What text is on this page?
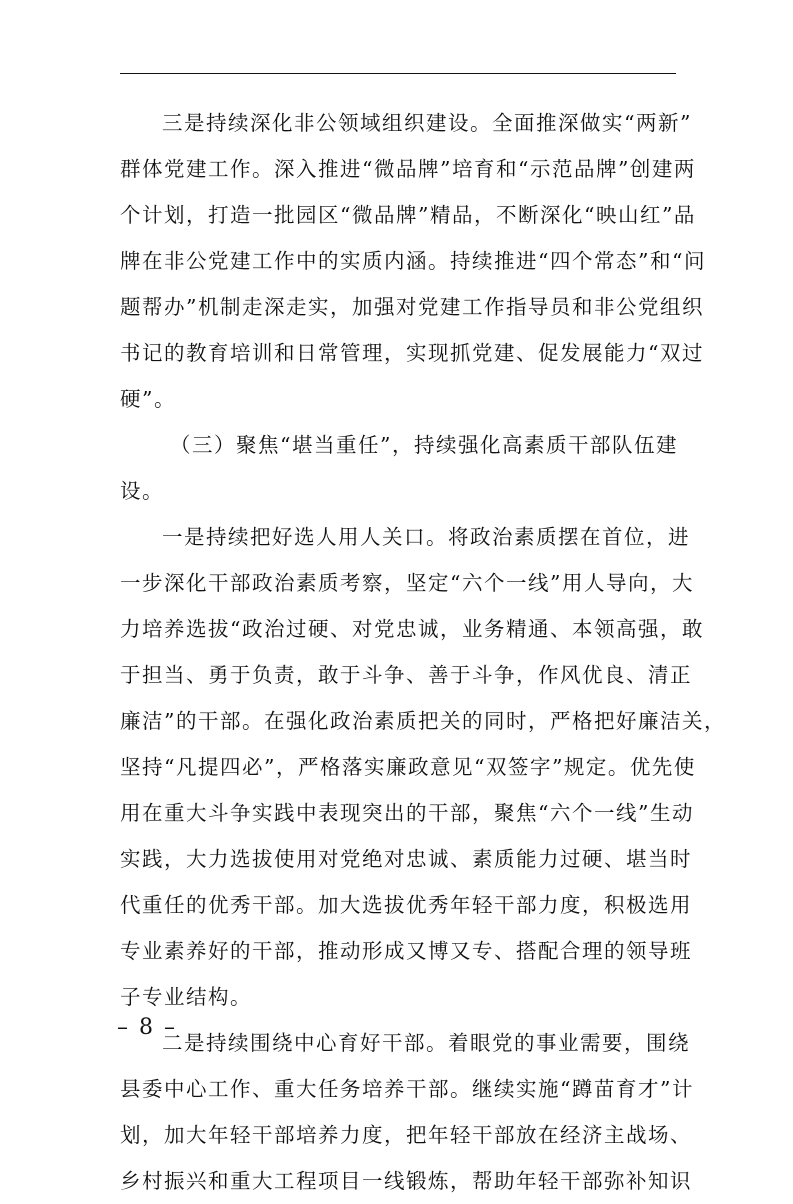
三是持续深化非公领域组织建设。全面推深做实“两新”
群体党建工作。深入推进“微品牌”培育和“示范品牌”创建两
个计划，打造一批园区“微品牌”精品，不断深化“映山红”品
牌在非公党建工作中的实质内涵。持续推进“四个常态”和“问
题帮办”机制走深走实，加强对党建工作指导员和非公党组织
书记的教育培训和日常管理，实现抓党建、促发展能力“双过
硬”。
（三）聚焦“堪当重任”，持续强化高素质干部队伍建
设。
一是持续把好选人用人关口。将政治素质摆在首位，进
一步深化干部政治素质考察，坚定“六个一线”用人导向，大
力培养选拔“政治过硬、对党忠诚，业务精通、本领高强，敢
于担当、勇于负责，敢于斗争、善于斗争，作风优良、清正
廉洁”的干部。在强化政治素质把关的同时，严格把好廉洁关，
坚持“凡提四必”，严格落实廉政意见“双签字”规定。优先使
用在重大斗争实践中表现突出的干部，聚焦“六个一线”生动
实践，大力选拔使用对党绝对忠诚、素质能力过硬、堪当时
代重任的优秀干部。加大选拔优秀年轻干部力度，积极选用
专业素养好的干部，推动形成又博又专、搭配合理的领导班
子专业结构。
二是持续围绕中心育好干部。着眼党的事业需要，围绕
县委中心工作、重大任务培养干部。继续实施“蹲苗育才”计
划，加大年轻干部培养力度，把年轻干部放在经济主战场、
乡村振兴和重大工程项目一线锻炼，帮助年轻干部弥补知识
– 8 –
